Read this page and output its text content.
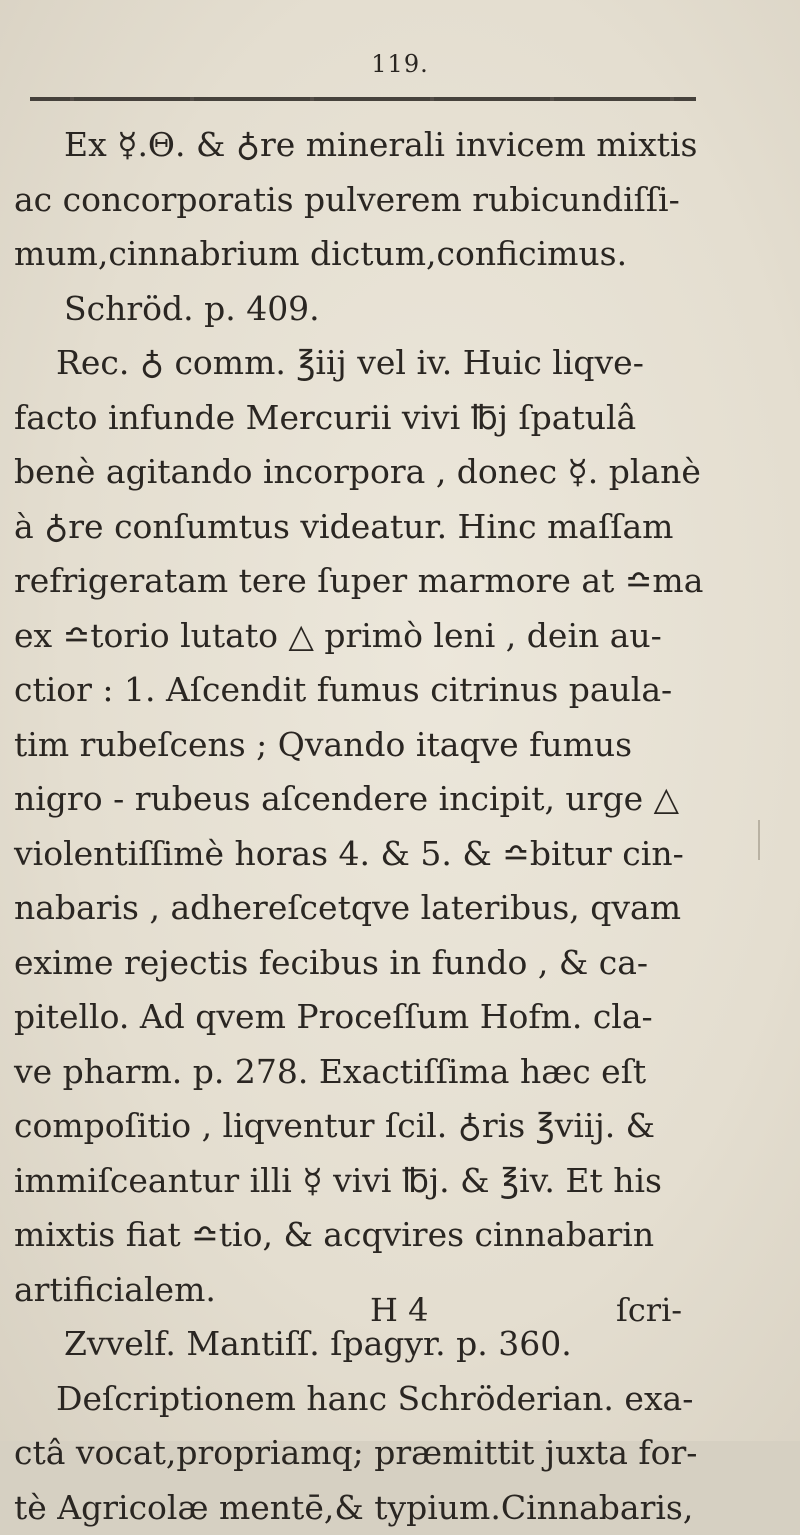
119.
Ex ☿.Θ. & ♁re minerali invicem mixtis
ac concorporatis pulverem rubicundiſſi-
mum,cinnabrium dictum,conficimus.
Schröd. p. 409.
Rec. ♁ comm. ℥iij vel iv. Huic liqve-
facto infunde Mercurii vivi ℔j ſpatulâ
benè agitando incorpora , donec ☿. planè
à ♁re conſumtus videatur. Hinc maſſam
refrigeratam tere ſuper marmore at ≏ma
ex ≏torio lutato △ primò leni , dein au-
ctior : 1. Aſcendit fumus citrinus paula-
tim rubeſcens ; Qvando itaqve fumus
nigro - rubeus aſcendere incipit, urge △
violentiſſimè horas 4. & 5. & ≏bitur cin-
nabaris , adhereſcetqve lateribus, qvam
exime rejectis fecibus in fundo , & ca-
pitello. Ad qvem Proceſſum Hofm. cla-
ve pharm. p. 278. Exactiſſima hæc eſt
compoſitio , liqventur ſcil. ♁ris ℥viij. &
immiſceantur illi ☿ vivi ℔j. & ℥iv. Et his
mixtis fiat ≏tio, & acqvires cinnabarin
artificialem.
Zvvelf. Mantiſſ. ſpagyr. p. 360.
Deſcriptionem hanc Schröderian. exa-
ctâ vocat,propriamq; præmittit juxta for-
tè Agricolæ mentē,& typium.Cinnabaris,
H 4	ſcri-
